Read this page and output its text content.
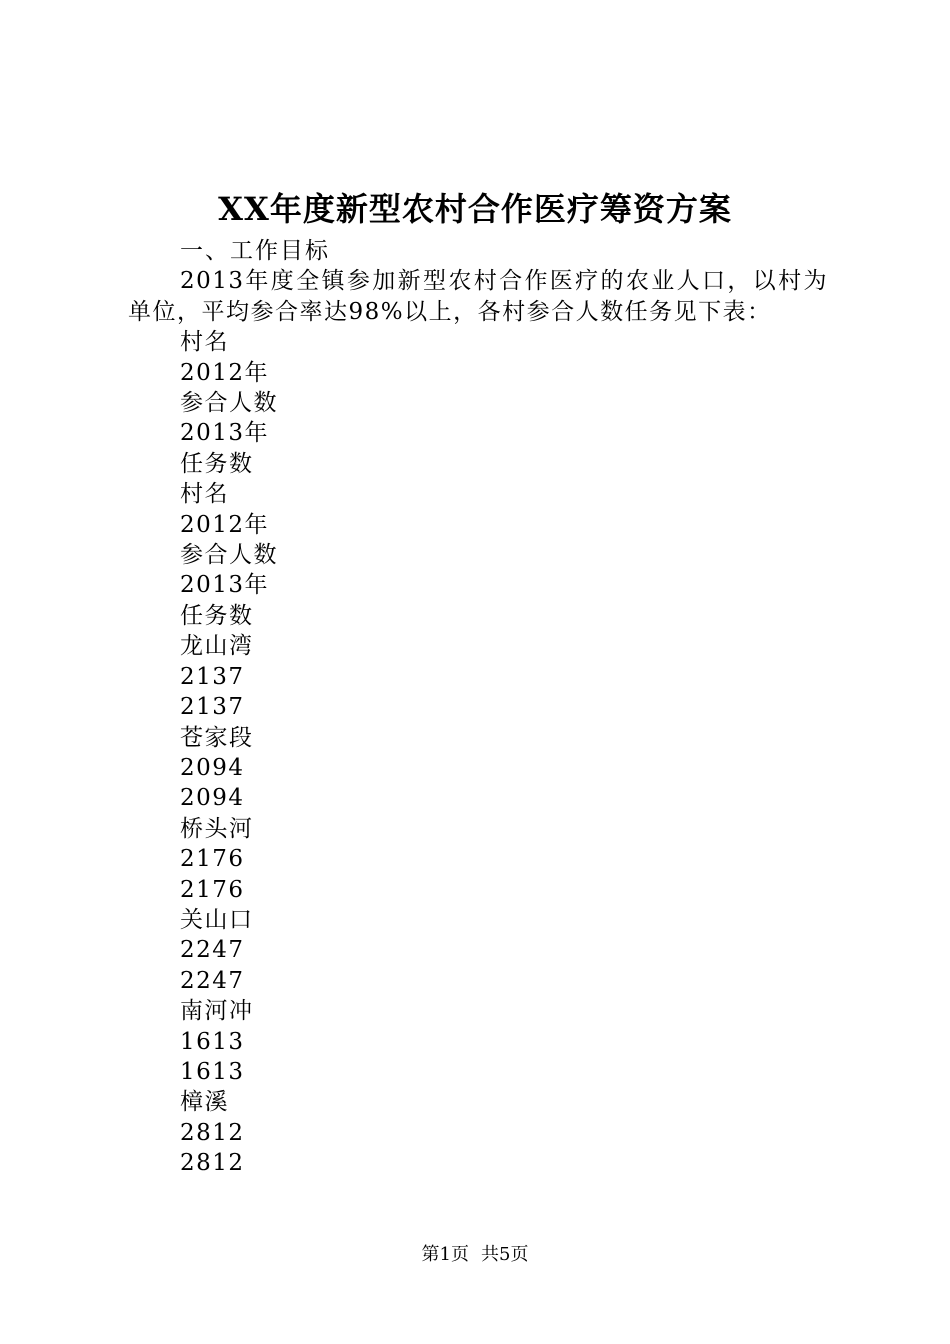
XX年度新型农村合作医疗筹资方案
一、工作目标
2013年度全镇参加新型农村合作医疗的农业人口，以村为单位，平均参合率达98%以上，各村参合人数任务见下表：
村名
2012年
参合人数
2013年
任务数
村名
2012年
参合人数
2013年
任务数
龙山湾
2137
2137
苍家段
2094
2094
桥头河
2176
2176
关山口
2247
2247
南河冲
1613
1613
樟溪
2812
2812
第1页 共5页
